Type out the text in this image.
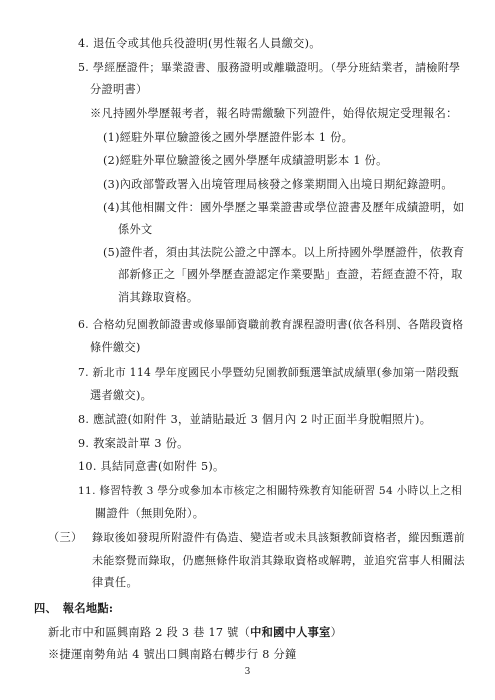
4. 退伍令或其他兵役證明(男性報名人員繳交)。
5. 學經歷證件；畢業證書、服務證明或離職證明。（學分班結業者，請檢附學
分證明書）
※凡持國外學歷報考者，報名時需繳驗下列證件，始得依規定受理報名：
(1)經駐外單位驗證後之國外學歷證件影本 1 份。
(2)經駐外單位驗證後之國外學歷年成績證明影本 1 份。
(3)內政部警政署入出境管理局核發之修業期間入出境日期紀錄證明。
(4)其他相關文件：國外學歷之畢業證書或學位證書及歷年成績證明，如
係外文
(5)證件者，須由其法院公證之中譯本。以上所持國外學歷證件，依教育
部新修正之「國外學歷查證認定作業要點」查證，若經查證不符，取
消其錄取資格。
6. 合格幼兒園教師證書或修畢師資職前教育課程證明書(依各科別、各階段資格
條件繳交)
7. 新北市 114 學年度國民小學暨幼兒園教師甄選筆試成績單(參加第一階段甄
選者繳交)。
8. 應試證(如附件 3，並請貼最近 3 個月內 2 吋正面半身脫帽照片)。
9. 教案設計單 3 份。
10. 具結同意書(如附件 5)。
11. 修習特教 3 學分或參加本市核定之相關特殊教育知能研習 54 小時以上之相
關證件（無則免附）。
（三） 錄取後如發現所附證件有偽造、變造者或未具該類教師資格者，縱因甄選前
未能察覺而錄取，仍應無條件取消其錄取資格或解聘，並追究當事人相關法
律責任。
四、　報名地點:
新北市中和區興南路 2 段 3 巷 17 號（中和國中人事室）
※捷運南勢角站 4 號出口興南路右轉步行 8 分鐘
3
